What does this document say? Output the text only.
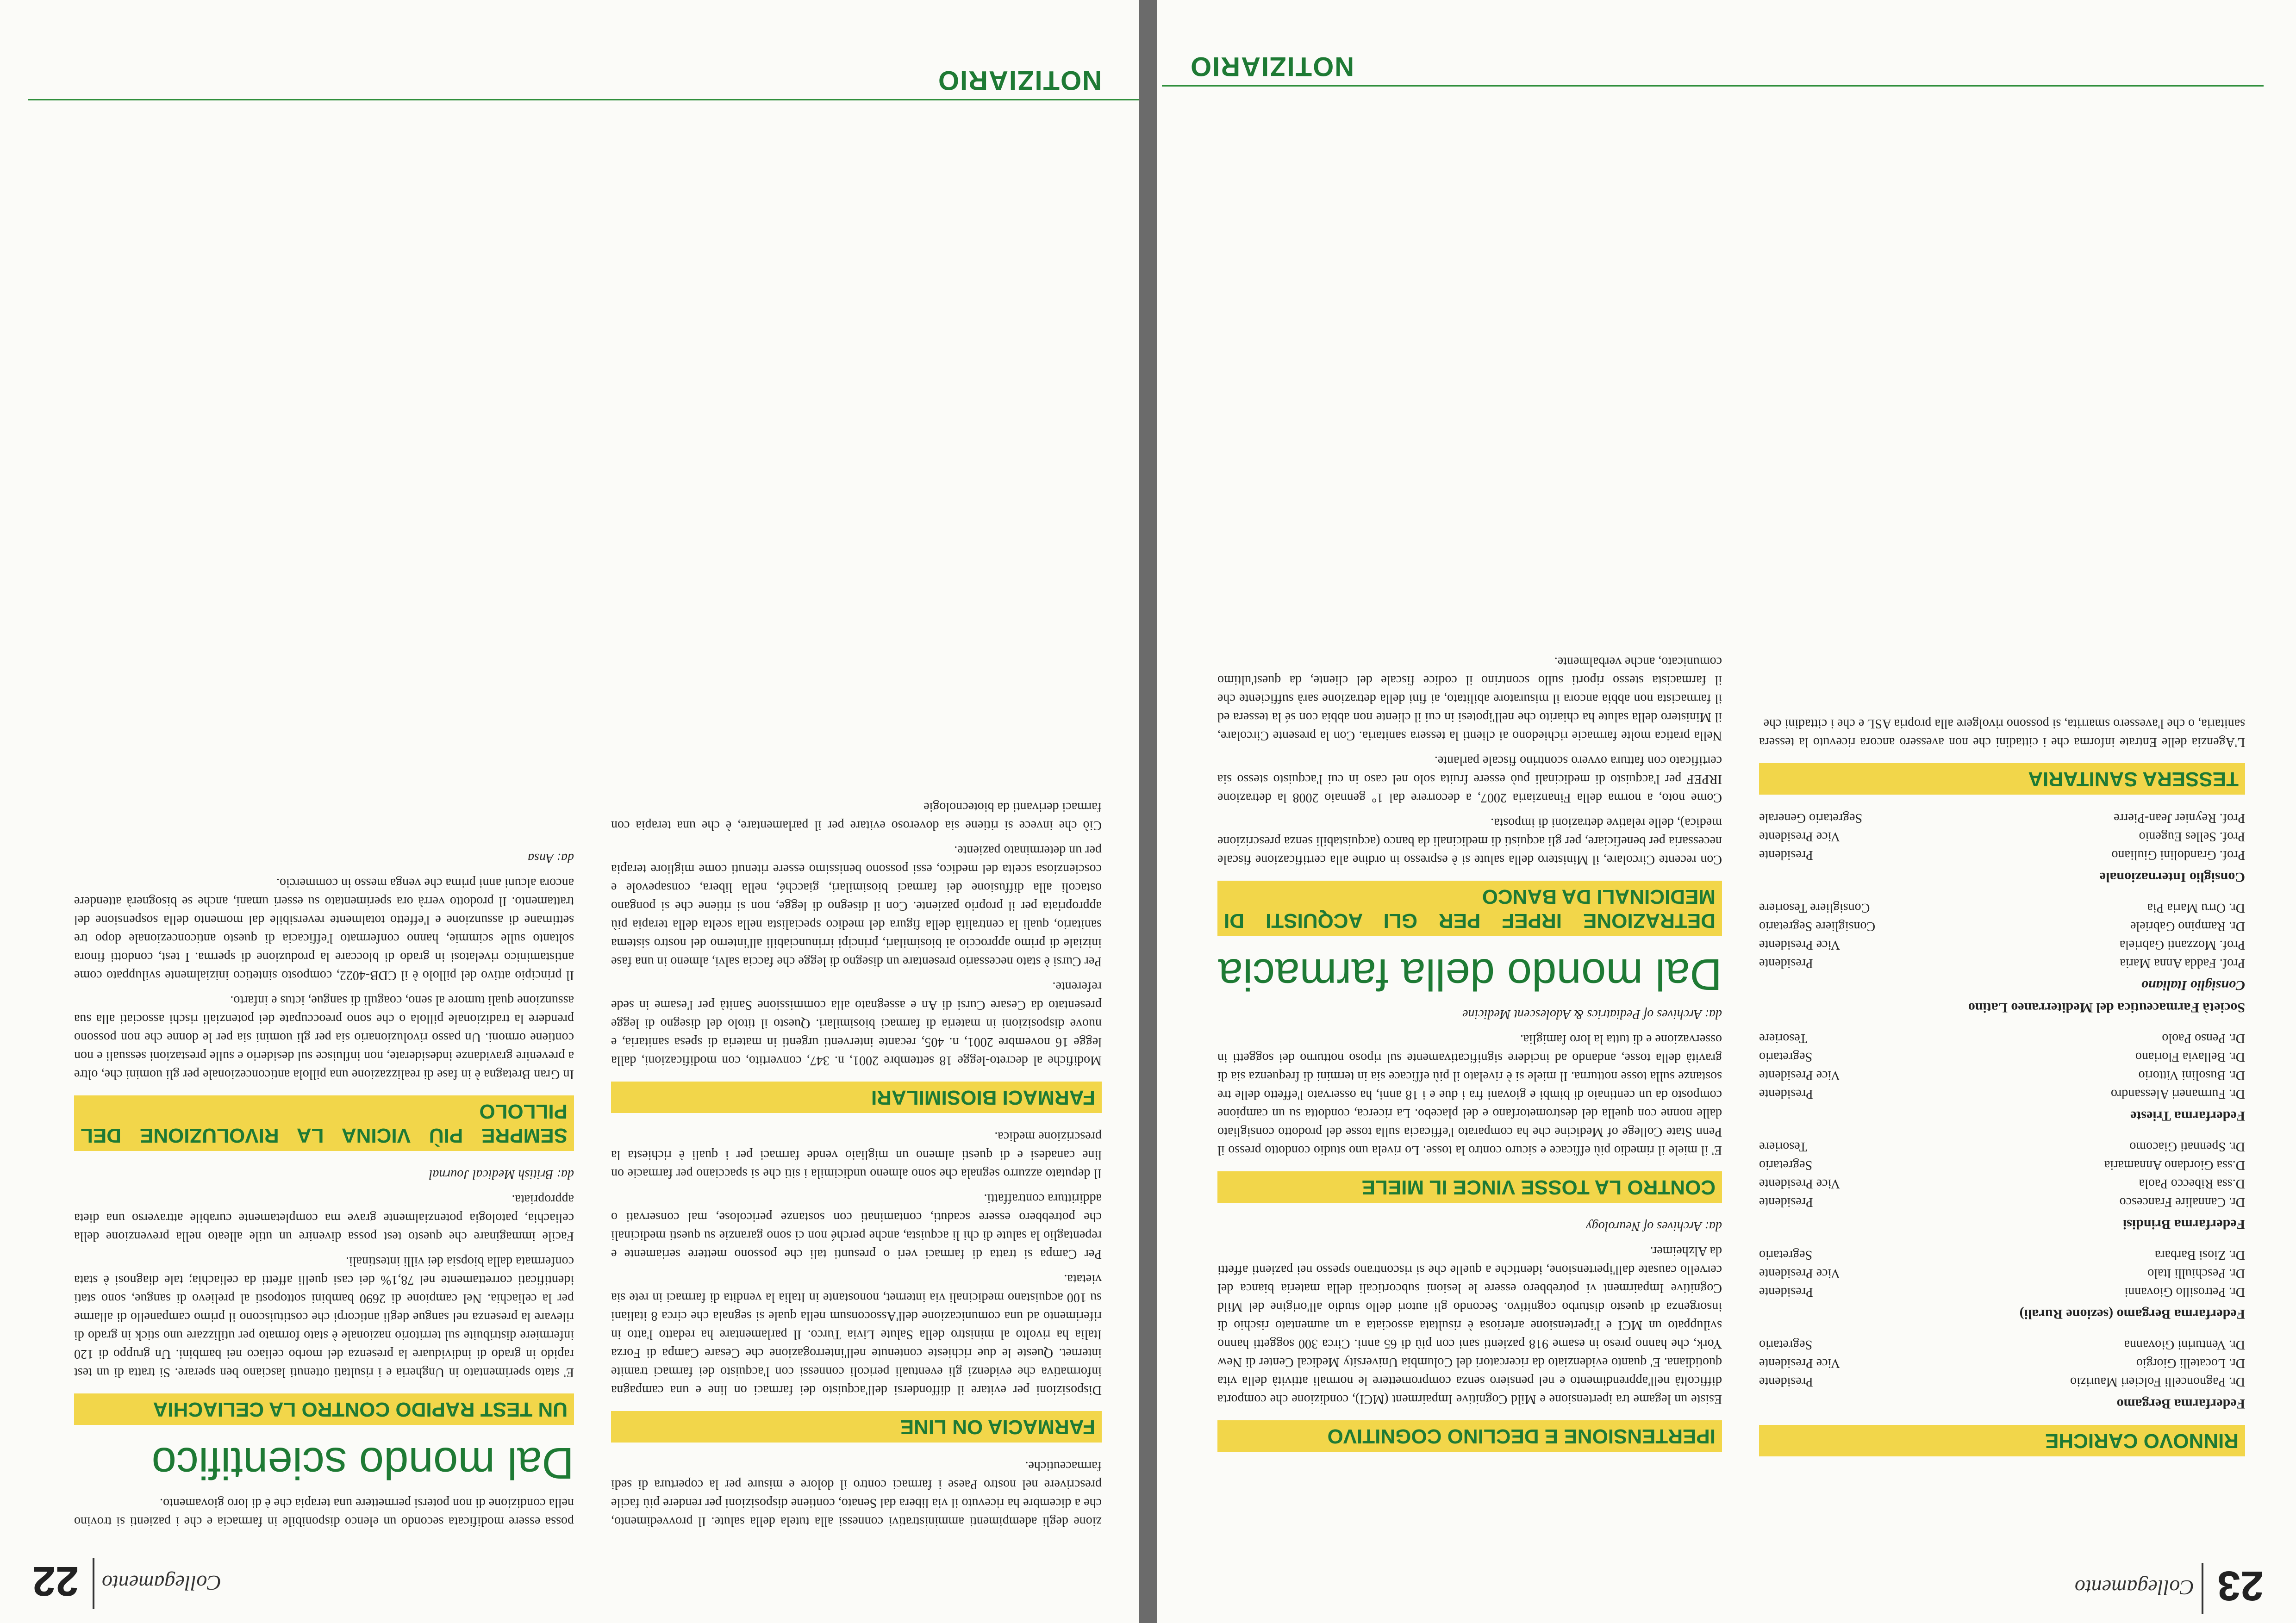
23
Collegamento
NOTIZIARIO
RINNOVO CARICHE
Federfarma Bergamo
Dr. Pagnoncelli Folcieri Maurizio
Presidente
Dr. Locatelli Giorgio
Vice Presidente
Dr. Venturini Giovanna
Segretario
Federfarma Bergamo (sezione Rurali)
Dr. Petrosillo Giovanni
Presidente
Dr. Peschiulli Italo
Vice Presidente
Dr. Ziosi Barbara
Segretario
Federfarma Brindisi
Dr. Cannalire Francesco
Presidente
D.ssa Ribecco Paola
Vice Presidente
D.ssa Giordano Annamaria
Segretario
Dr. Spennati Giacomo
Tesoriere
Federfarma Trieste
Dr. Furmaneri Alessandro
Presidente
Dr. Busolini Vittorio
Vice Presidente
Dr. Bellavia Floriano
Segretario
Dr. Penso Paolo
Tesoriere
Società Farmaceutica del Mediterraneo Latino
Consiglio Italiano
Prof. Fadda Anna Maria
Presidente
Prof. Mozzanti Gabriela
Vice Presidente
Dr. Rampino Gabriele
Consigliere Segretario
Dr. Orru Maria Pia
Consigliere Tesoriere
Consiglio Internazionale
Prof. Grandolini Giuliano
Presidente
Prof. Selles Eugenio
Vice Presidente
Prof. Reynier Jean-Pierre
Segretario Generale
TESSERA SANITARIA

L'Agenzia delle Entrate informa che i cittadini che non avessero ancora ricevuto la tessera sanitaria, o che l'avessero smarrita, si possono rivolgere alla propria ASL e che i cittadini che

IPERTENSIONE E DECLINO COGNITIVO

Esiste un legame tra ipertensione e Mild Cognitive Impairment (MCI), condizione che comporta difficoltà nell'apprendimento e nel pensiero senza compromettere le normali attività della vita quotidiana. E' quanto evidenziato da ricercatori del Columbia University Medical Center di New York, che hanno preso in esame 918 pazienti sani con più di 65 anni. Circa 300 soggetti hanno sviluppato un MCI e l'ipertensione arteriosa è risultata associata a un aumentato rischio di insorgenza di questo disturbo cognitivo. Secondo gli autori dello studio all'origine del Mild Cognitive Impairment vi potrebbero essere le lesioni subcorticali della materia bianca del cervello causate dall'ipertensione, identiche a quelle che si riscontrano spesso nei pazienti affetti da Alzheimer.

da: Archives of Neurology

CONTRO LA TOSSE VINCE IL MIELE

E' il miele il rimedio più efficace e sicuro contro la tosse. Lo rivela uno studio condotto presso il Penn State College of Medicine che ha comparato l'efficacia sulla tosse del prodotto consigliato dalle nonne con quella del destrometorfano e del placebo. La ricerca, condotta su un campione composto da un centinaio di bimbi e giovani fra i due e i 18 anni, ha osservato l'effetto delle tre sostanze sulla tosse notturna. Il miele si è rivelato il più efficace sia in termini di frequenza sia di gravità della tosse, andando ad incidere significativamente sul riposo notturno dei soggetti in osservazione e di tutta la loro famiglia.

da: Archives of Pediatrics & Adolescent Medicine

Dal mondo della farmacia
DETRAZIONE IRPEF PER GLI ACQUISTI DI MEDICINALI DA BANCO

Con recente Circolare, il Ministero della salute si è espresso in ordine alla certificazione fiscale necessaria per beneficiare, per gli acquisti di medicinali da banco (acquistabili senza prescrizione medica), delle relative detrazioni di imposta.

Come noto, a norma della Finanziaria 2007, a decorrere dal 1° gennaio 2008 la detrazione IRPEF per l'acquisto di medicinali può essere fruita solo nel caso in cui l'acquisto stesso sia certificato con fattura ovvero scontrino fiscale parlante.

Nella pratica molte farmacie richiedono ai clienti la tessera sanitaria. Con la presente Circolare, il Ministero della salute ha chiarito che nell'ipotesi in cui il cliente non abbia con sé la tessera ed il farmacista non abbia ancora il misuratore abilitato, ai fini della detrazione sarà sufficiente che il farmacista stesso riporti sullo scontrino il codice fiscale del cliente, da quest'ultimo comunicato, anche verbalmente.

22 Collegamento
NOTIZIARIO

zione degli adempimenti amministrativi connessi alla tutela della salute. Il provvedimento, che a dicembre ha ricevuto il via libera dal Senato, contiene disposizioni per rendere più facile prescrivere nel nostro Paese i farmaci contro il dolore e misure per la copertura di sedi farmaceutiche.

FARMACIA ON LINE

Disposizioni per evitare il diffondersi dell'acquisto dei farmaci on line e una campagna informativa che evidenzi gli eventuali pericoli connessi con l'acquisto dei farmaci tramite internet. Queste le due richieste contenute nell'interrogazione che Cesare Campa di Forza Italia ha rivolto al ministro della Salute Livia Turco. Il parlamentare ha redatto l'atto in riferimento ad una comunicazione dell'Assoconsum nella quale si segnala che circa 8 italiani su 100 acquistano medicinali via internet, nonostante in Italia la vendita di farmaci in rete sia vietata.

Per Campa si tratta di farmaci veri o presunti tali che possono mettere seriamente e repentaglio la salute di chi li acquista, anche perché non ci sono garanzie su questi medicinali che potrebbero essere scaduti, contaminati con sostanze pericolose, mal conservati o addirittura contraffatti.

Il deputato azzurro segnala che sono almeno undicimila i siti che si spacciano per farmacie on line canadesi e di questi almeno un migliaio vende farmaci per i quali è richiesta la prescrizione medica.

FARMACI BIOSIMILARI

Modifiche al decreto-legge 18 settembre 2001, n. 347, convertito, con modificazioni, dalla legge 16 novembre 2001, n. 405, recante interventi urgenti in materia di spesa sanitaria, e nuove disposizioni in materia di farmaci biosimilari. Questo il titolo del disegno di legge presentato da Cesare Cursi di An e assegnato alla commissione Sanità per l'esame in sede referente.

Per Cursi è stato necessario presentare un disegno di legge che faccia salvi, almeno in una fase iniziale di primo approccio ai biosimilari, principi irrinunciabili all'interno del nostro sistema sanitario, quali la centralità della figura del medico specialista nella scelta della terapia più appropriata per il proprio paziente. Con il disegno di legge, non si ritiene che si pongano ostacoli alla diffusione dei farmaci biosimilari, giacché, nella libera, consapevole e coscienziosa scelta del medico, essi possono benissimo essere ritenuti come migliore terapia per un determinato paziente.

Ciò che invece si ritiene sia doveroso evitare per il parlamentare, è che una terapia con farmaci derivanti da biotecnologie

possa essere modificata secondo un elenco disponibile in farmacia e che i pazienti si trovino nella condizione di non potersi permettere una terapia che è di loro giovamento.

Dal mondo scientifico
UN TEST RAPIDO CONTRO LA CELIACHIA

E' stato sperimentato in Ungheria e i risultati ottenuti lasciano ben sperare. Si tratta di un test rapido in grado di individuare la presenza del morbo celiaco nei bambini. Un gruppo di 120 infermiere distribuite sul territorio nazionale è stato formato per utilizzare uno stick in grado di rilevare la presenza nel sangue degli anticorpi che costituiscono il primo campanello di allarme per la celiachia. Nel campione di 2690 bambini sottoposti al prelievo di sangue, sono stati identificati correttamente nel 78,1% dei casi quelli affetti da celiachia; tale diagnosi è stata confermata dalla biopsia dei villi intestinali.

Facile immaginare che questo test possa divenire un utile alleato nella prevenzione della celiachia, patologia potenzialmente grave ma completamente curabile attraverso una dieta appropriata.

da: British Medical Journal

SEMPRE PIÙ VICINA LA RIVOLUZIONE DEL PILLOLO

In Gran Bretagna è in fase di realizzazione una pillola anticoncezionale per gli uomini che, oltre a prevenire gravidanze indesiderate, non influisce sul desiderio e sulle prestazioni sessuali e non contiene ormoni. Un passo rivoluzionario sia per gli uomini sia per le donne che non possono prendere la tradizionale pillola o che sono preoccupate dei potenziali rischi associati alla sua assunzione quali tumore al seno, coaguli di sangue, ictus e infarto.

Il principio attivo del pillolo è il CDB-4022, composto sintetico inizialmente sviluppato come antistaminico rivelatosi in grado di bloccare la produzione di sperma. I test, condotti finora soltanto sulle scimmie, hanno confermato l'efficacia di questo anticoncezionale dopo tre settimane di assunzione e l'effetto totalmente reversibile dal momento della sospensione del trattamento. Il prodotto verrà ora sperimentato su esseri umani, anche se bisognerà attendere ancora alcuni anni prima che venga messo in commercio.

da: Ansa
